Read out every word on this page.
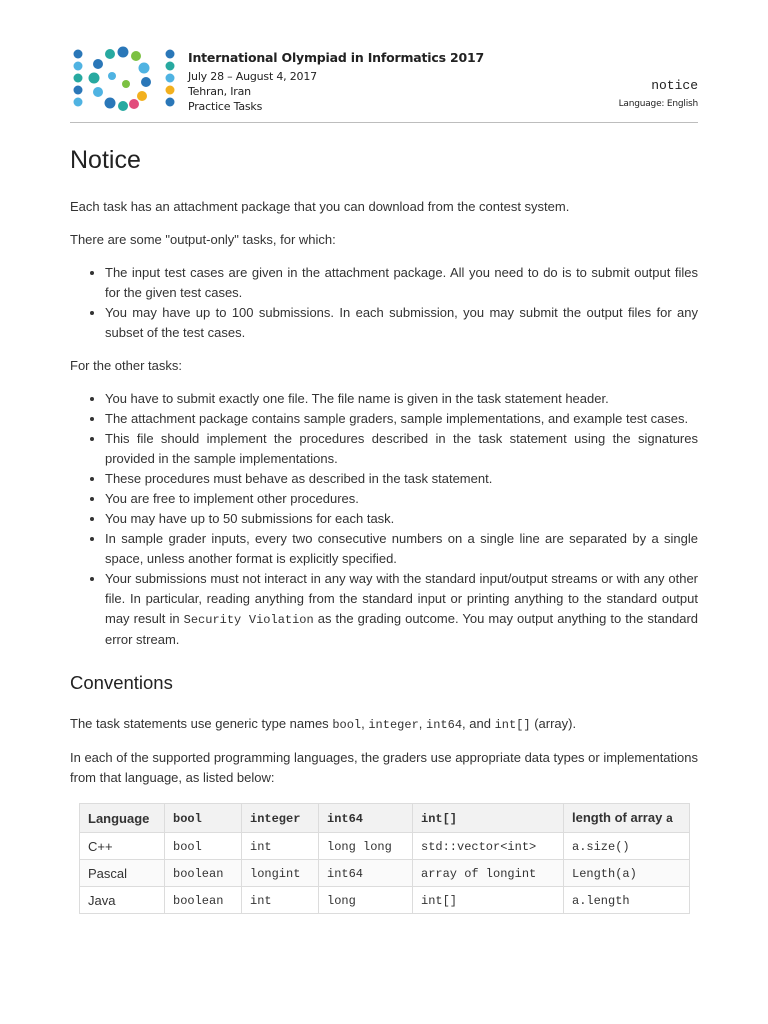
International Olympiad in Informatics 2017
July 28 – August 4, 2017
Tehran, Iran
Practice Tasks
notice
Language: English
Notice

Each task has an attachment package that you can download from the contest system.

There are some "output-only" tasks, for which:

• The input test cases are given in the attachment package. All you need to do is to submit output files for the given test cases.
• You may have up to 100 submissions. In each submission, you may submit the output files for any subset of the test cases.

For the other tasks:

• You have to submit exactly one file. The file name is given in the task statement header.
• The attachment package contains sample graders, sample implementations, and example test cases.
• This file should implement the procedures described in the task statement using the signatures provided in the sample implementations.
• These procedures must behave as described in the task statement.
• You are free to implement other procedures.
• You may have up to 50 submissions for each task.
• In sample grader inputs, every two consecutive numbers on a single line are separated by a single space, unless another format is explicitly specified.
• Your submissions must not interact in any way with the standard input/output streams or with any other file. In particular, reading anything from the standard input or printing anything to the standard output may result in Security Violation as the grading outcome. You may output anything to the standard error stream.
Conventions

The task statements use generic type names bool, integer, int64, and int[] (array).

In each of the supported programming languages, the graders use appropriate data types or implementations from that language, as listed below:

Language	bool	integer	int64	int[]	length of array a
C++	bool	int	long long	std::vector<int>	a.size()
Pascal	boolean	longint	int64	array of longint	Length(a)
Java	boolean	int	long	int[]	a.length
